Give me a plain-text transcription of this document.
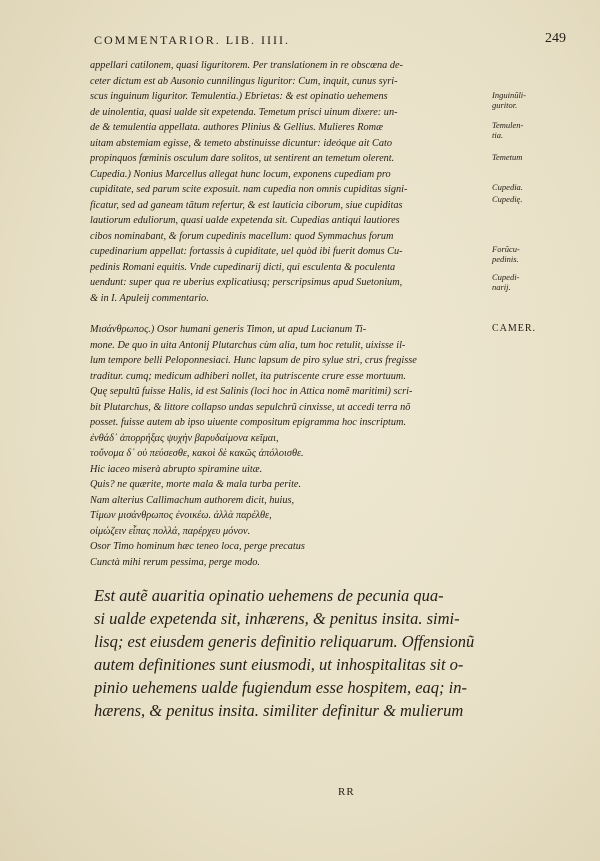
COMMENTARIOR. LIB. IIII.	249
appellari catilonem, quasi liguritorem. Per translationem in re obscœna de-
ceter dictum est ab Ausonio cunnilingus liguritor: Cum, inquit, cunus syri-
scus inguinum liguritor. Temulentia.) Ebrietas: & est opinatio uehemens
de uinolentia, quasi ualde sit expetenda. Temetum prisci uinum dixere: un-
de & temulentia appellata. authores Plinius & Gellius. Mulieres Romæ
uitam abstemiam egisse, & temeto abstinuisse dicuntur: ideóque ait Cato
propinquos fœminis osculum dare solitos, ut sentirent an temetum olerent.
Cupedia.) Nonius Marcellus allegat hunc locum, exponens cupediam pro
cupiditate, sed parum scite exposuit. nam cupedia non omnis cupiditas signi-
ficatur, sed ad ganeam tãtum refertur, & est lauticia ciborum, siue cupiditas
lautiorum eduliorum, quasi ualde expetenda sit. Cupedias antiqui lautiores
cibos nominabant, & forum cupedinis macellum: quod Symmachus forum
cupedinarium appellat: fortassis à cupiditate, uel quòd ibi fuerit domus Cu-
pedinis Romani equitis. Vnde cupedinarij dicti, qui esculenta & poculenta
uendunt: super qua re uberius explicatiusq; perscripsimus apud Suetonium,
& in I. Apuleij commentario.
Μισάνθρωπος.) Osor humani generis Timon, ut apud Lucianum Ti-
mone. De quo in uita Antonij Plutarchus cùm alia, tum hoc retulit, uixisse il-
lum tempore belli Peloponnesiaci. Hunc lapsum de piro sylue stri, crus fregisse
traditur. cumq; medicum adhiberi nollet, ita putriscente crure esse mortuum.
Quę sepultũ fuisse Halis, id est Salinis (loci hoc in Attica nomẽ maritimi) scri-
bit Plutarchus, & littore collapso undas sepulchrũ cinxisse, ut accedi terra nõ
posset. fuisse autem ab ipso uiuente compositum epigramma hoc inscriptum.
ἐνθάδ᾽ ἀπορρήξας ψυχὴν βαρυδαίμονα κεῖμαι,
τοὔνομα δ᾽ οὐ πεύσεσθε, κακοὶ δὲ κακῶς ἀπόλοισθε.
Hic iaceo miserà abrupto spiramine uitæ.
Quis? ne quærite, morte mala & mala turba perite.
Nam alterius Callimachum authorem dicit, huius,
Τίμων μισάνθρωπος ἐνοικέω. ἀλλὰ παρέλθε,
οἰμώζειν εἶπας πολλά, παρέρχευ μόνον.
Osor Timo hominum hæc teneo loca, perge precatus
Cunctà mihi rerum pessima, perge modo.
Inguinũli-
guritor.
Temulen-
tia.
Temetum
Cupedia.
Cupedię.
Forũcu-
pedinis.
Cupedi-
narij.
CAMER.
Est autẽ auaritia opinatio uehemens de pecunia qua-
si ualde expetenda sit, inhærens, & penitus insita. simi-
lisq; est eiusdem generis definitio reliquarum. Offensionũ
autem definitiones sunt eiusmodi, ut inhospitalitas sit o-
pinio uehemens ualde fugiendum esse hospitem, eaq; in-
hærens, & penitus insita. similiter definitur & mulierum
RR
